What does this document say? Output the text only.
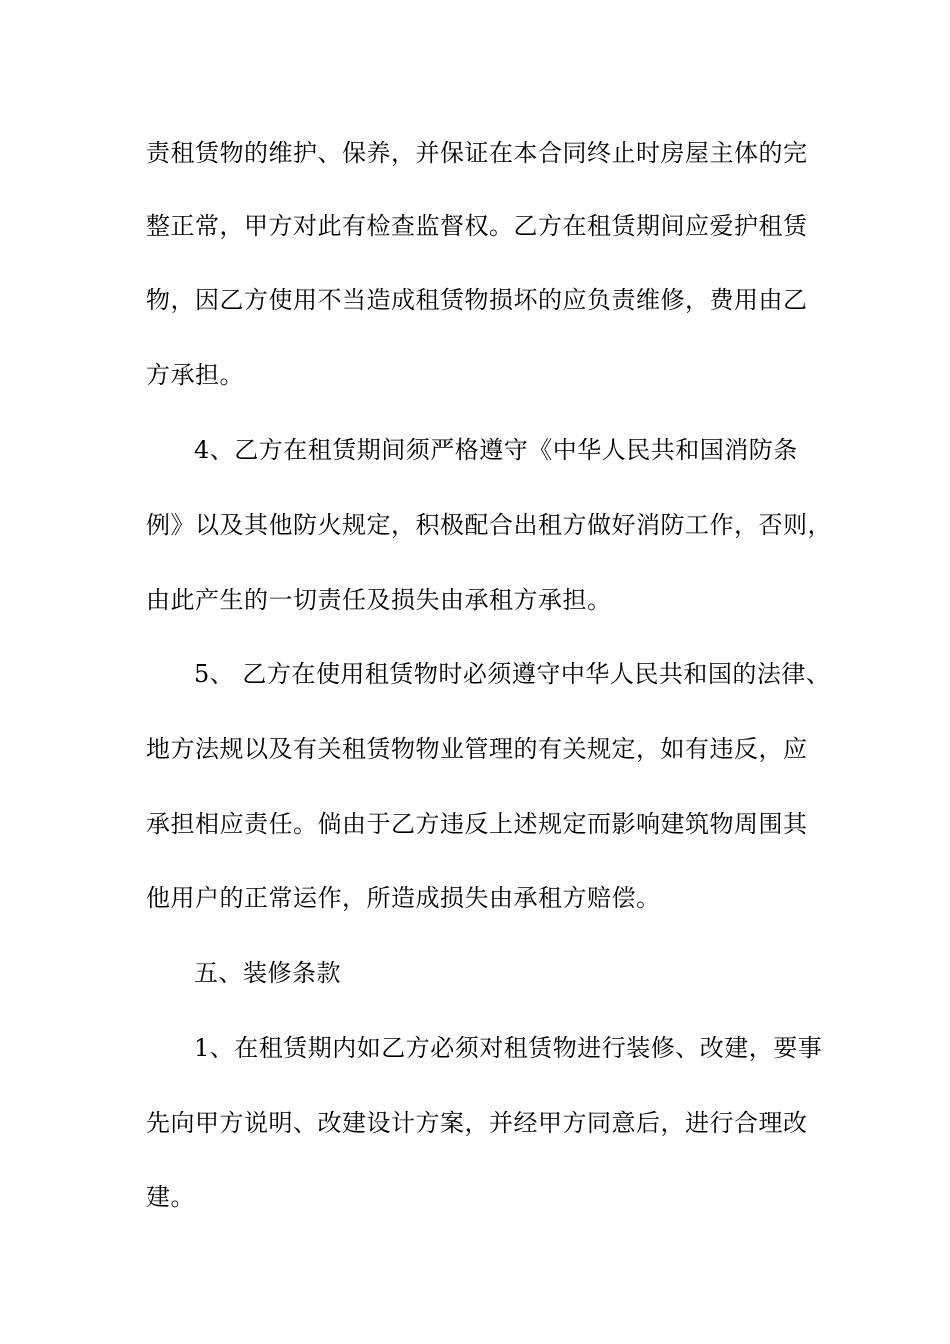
责租赁物的维护、保养，并保证在本合同终止时房屋主体的完
整正常，甲方对此有检查监督权。乙方在租赁期间应爱护租赁
物，因乙方使用不当造成租赁物损坏的应负责维修，费用由乙
方承担。
4、乙方在租赁期间须严格遵守《中华人民共和国消防条
例》以及其他防火规定，积极配合出租方做好消防工作，否则，
由此产生的一切责任及损失由承租方承担。
5、 乙方在使用租赁物时必须遵守中华人民共和国的法律、
地方法规以及有关租赁物物业管理的有关规定，如有违反，应
承担相应责任。倘由于乙方违反上述规定而影响建筑物周围其
他用户的正常运作，所造成损失由承租方赔偿。
五、装修条款
1、在租赁期内如乙方必须对租赁物进行装修、改建，要事
先向甲方说明、改建设计方案，并经甲方同意后，进行合理改
建。
